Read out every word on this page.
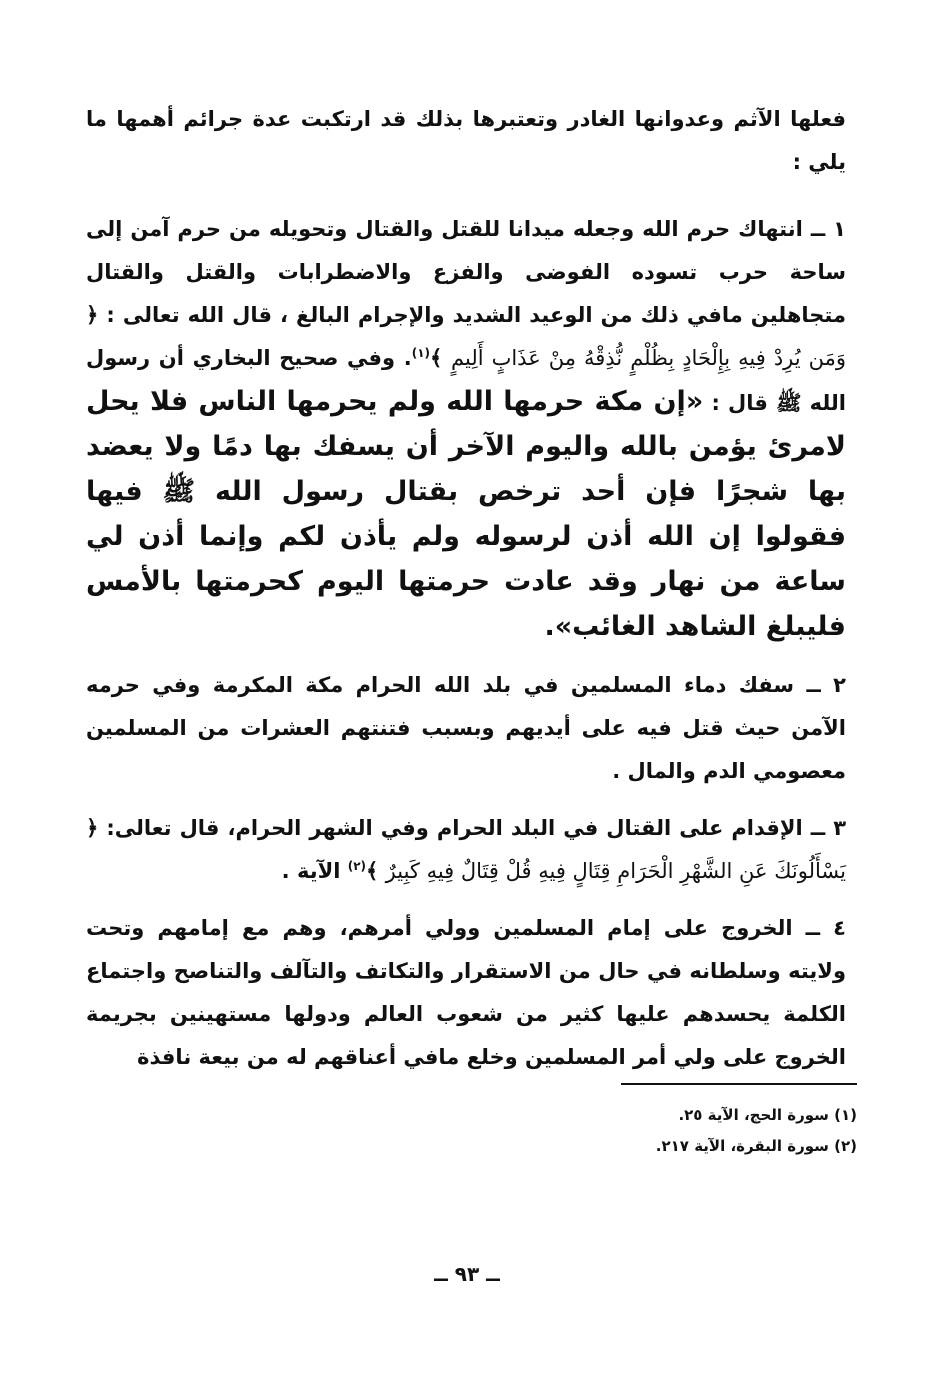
فعلها الآثم وعدوانها الغادر وتعتبرها بذلك قد ارتكبت عدة جرائم أهمها ما يلي :

١ ــ انتهاك حرم الله وجعله ميدانا للقتل والقتال وتحويله من حرم آمن إلى ساحة حرب تسوده الفوضى والفزع والاضطرابات والقتل والقتال متجاهلين مافي ذلك من الوعيد الشديد والإجرام البالغ ، قال الله تعالى : ﴿ وَمَن يُرِدْ فِيهِ بِإِلْحَادٍ بِظُلْمٍ نُّذِقْهُ مِنْ عَذَابٍ أَلِيمٍ ﴾$^{(١)}$. وفي صحيح البخاري أن رسول الله ﷺ قال : «إن مكة حرمها الله ولم يحرمها الناس فلا يحل لامرئ يؤمن بالله واليوم الآخر أن يسفك بها دمًا ولا يعضد بها شجرًا فإن أحد ترخص بقتال رسول الله ﷺ فيها فقولوا إن الله أذن لرسوله ولم يأذن لكم وإنما أذن لي ساعة من نهار وقد عادت حرمتها اليوم كحرمتها بالأمس فليبلغ الشاهد الغائب».

٢ ــ سفك دماء المسلمين في بلد الله الحرام مكة المكرمة وفي حرمه الآمن حيث قتل فيه على أيديهم وبسبب فتنتهم العشرات من المسلمين معصومي الدم والمال .

٣ ــ الإقدام على القتال في البلد الحرام وفي الشهر الحرام، قال تعالى: ﴿ يَسْأَلُونَكَ عَنِ الشَّهْرِ الْحَرَامِ قِتَالٍ فِيهِ قُلْ قِتَالٌ فِيهِ كَبِيرٌ ﴾$^{(٢)}$ الآية .

٤ ــ الخروج على إمام المسلمين وولي أمرهم، وهم مع إمامهم وتحت ولايته وسلطانه في حال من الاستقرار والتكاتف والتآلف والتناصح واجتماع الكلمة يحسدهم عليها كثير من شعوب العالم ودولها مستهينين بجريمة الخروج على ولي أمر المسلمين وخلع مافي أعناقهم له من بيعة نافذة

(١) سورة الحج، الآية ٢٥.
(٢) سورة البقرة، الآية ٢١٧.
ــ ٩٣ ــ
